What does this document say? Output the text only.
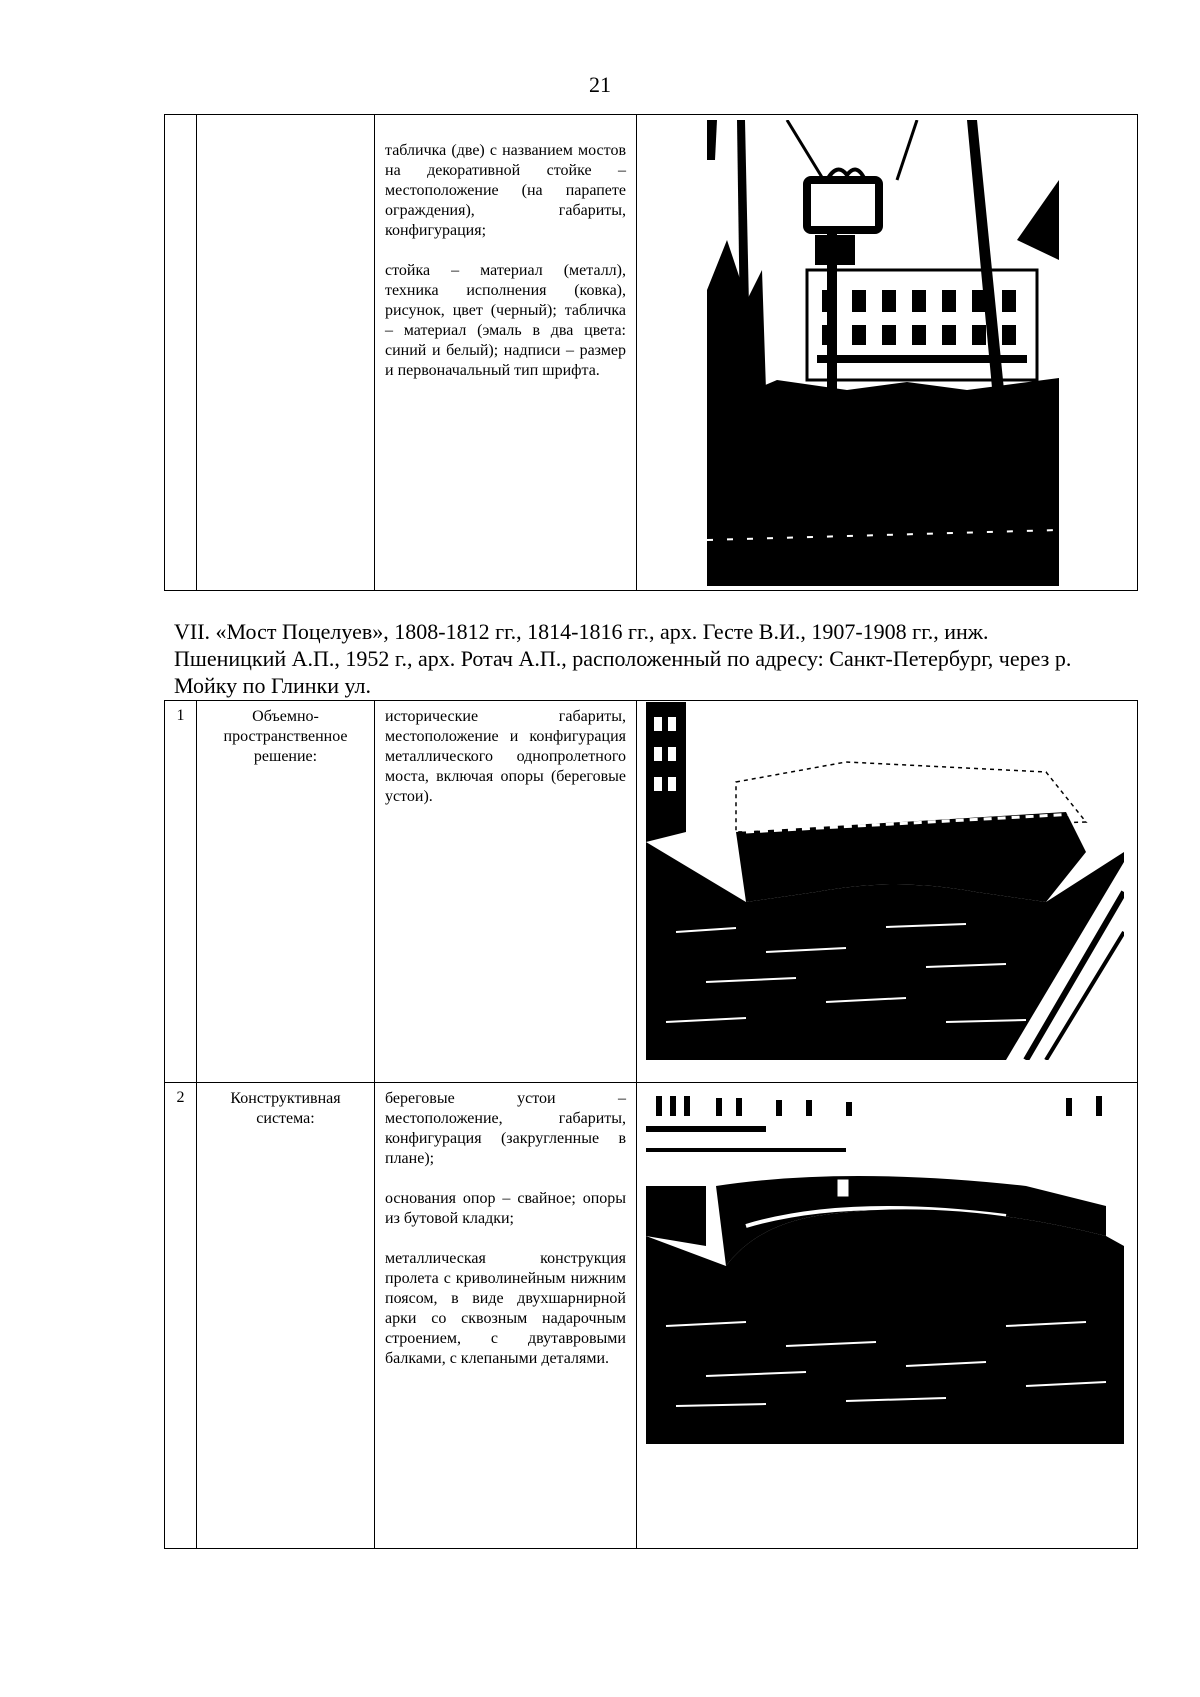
21

табличка (две) с названием мостов на декоративной стойке – местоположение (на парапете ограждения), габариты, конфигурация;

стойка – материал (металл), техника исполнения (ковка), рисунок, цвет (черный); табличка – материал (эмаль в два цвета: синий и белый); надписи – размер и первоначальный тип шрифта.

VII. «Мост Поцелуев», 1808-1812 гг., 1814-1816 гг., арх. Гесте В.И., 1907-1908 гг., инж. Пшеницкий А.П., 1952 г., арх. Ротач А.П., расположенный по адресу: Санкт-Петербург, через р. Мойку по Глинки ул.

1	Объемно-пространственное решение:	исторические габариты, местоположение и конфигурация металлического однопролетного моста, включая опоры (береговые устои).	

2	Конструктивная система:	береговые устои – местоположение, габариты, конфигурация (закругленные в плане);

основания опор – свайное; опоры из бутовой кладки;

металлическая конструкция пролета с криволинейным нижним поясом, в виде двухшарнирной арки со сквозным надарочным строением, с двутавровыми балками, с клепаными деталями.	
